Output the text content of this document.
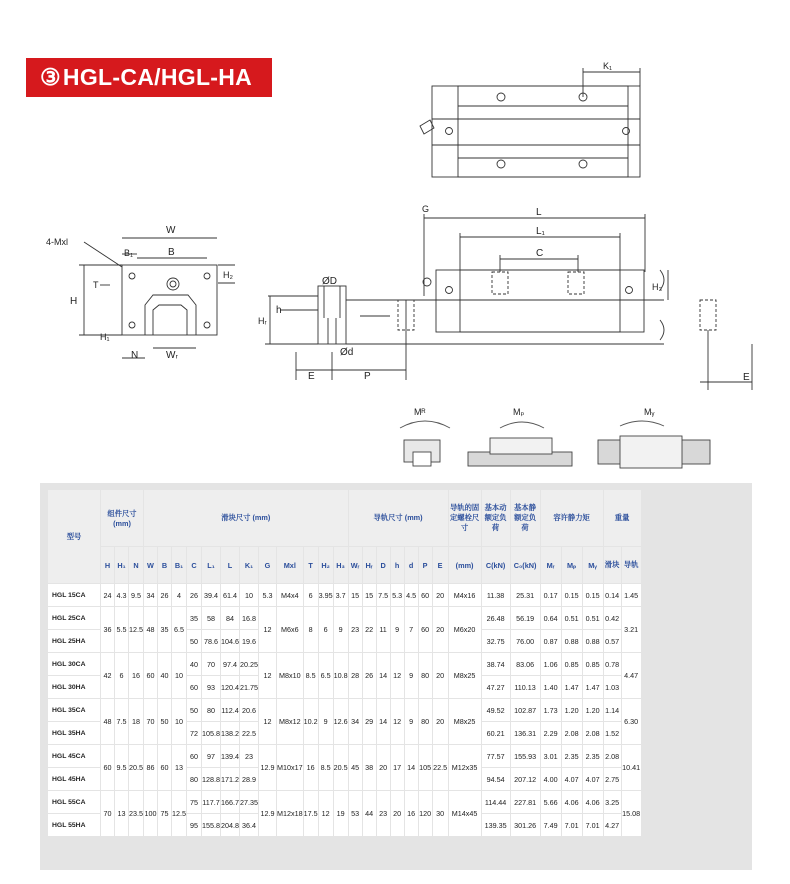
③ HGL-CA/HGL-HA	K₁
W
B
B₁
4-Mxl
T
H₂
H
H₁
N	Wᵣ
ØD
h
Hᵣ
Ød
E	P
G	L
L₁
C
H₃
E
Mᴿ	Mₚ	Mᵧ
型号	组件尺寸 (mm)			滑块尺寸 (mm)												导轨尺寸 (mm)							导轨的固定螺栓尺寸	基本动额定负荷	基本静额定负荷	容许静力矩			重量	
	H	H₁	N	W	B	B₁	C	L₁	L	K₁	G	Mxl	T	H₂	H₃	Wᵣ	Hᵣ	D	h	d	P	E	(mm)	C(kN)	C₀(kN)	Mᵣ	Mₚ	Mᵧ	滑块	导轨
HGL 15CA	24	4.3	9.5	34	26	4	26	39.4	61.4	10	5.3	M4x4	6	3.95	3.7	15	15	7.5	5.3	4.5	60	20	M4x16	11.38	25.31	0.17	0.15	0.15	0.14	1.45
HGL 25CA	36	5.5	12.5	48	35	6.5	35	58	84	16.8	12	M6x6	8	6	9	23	22	11	9	7	60	20	M6x20	26.48	56.19	0.64	0.51	0.51	0.42	3.21
HGL 25HA							50	78.6	104.6	19.6														32.75	76.00	0.87	0.88	0.88	0.57	
HGL 30CA	42	6	16	60	40	10	40	70	97.4	20.25	12	M8x10	8.5	6.5	10.8	28	26	14	12	9	80	20	M8x25	38.74	83.06	1.06	0.85	0.85	0.78	4.47
HGL 30HA							60	93	120.4	21.75														47.27	110.13	1.40	1.47	1.47	1.03	
HGL 35CA	48	7.5	18	70	50	10	50	80	112.4	20.6	12	M8x12	10.2	9	12.6	34	29	14	12	9	80	20	M8x25	49.52	102.87	1.73	1.20	1.20	1.14	6.30
HGL 35HA							72	105.8	138.2	22.5														60.21	136.31	2.29	2.08	2.08	1.52	
HGL 45CA	60	9.5	20.5	86	60	13	60	97	139.4	23	12.9	M10x17	16	8.5	20.5	45	38	20	17	14	105	22.5	M12x35	77.57	155.93	3.01	2.35	2.35	2.08	10.41
HGL 45HA							80	128.8	171.2	28.9														94.54	207.12	4.00	4.07	4.07	2.75	
HGL 55CA	70	13	23.5	100	75	12.5	75	117.7	166.7	27.35	12.9	M12x18	17.5	12	19	53	44	23	20	16	120	30	M14x45	114.44	227.81	5.66	4.06	4.06	3.25	15.08
HGL 55HA							95	155.8	204.8	36.4														139.35	301.26	7.49	7.01	7.01	4.27	
